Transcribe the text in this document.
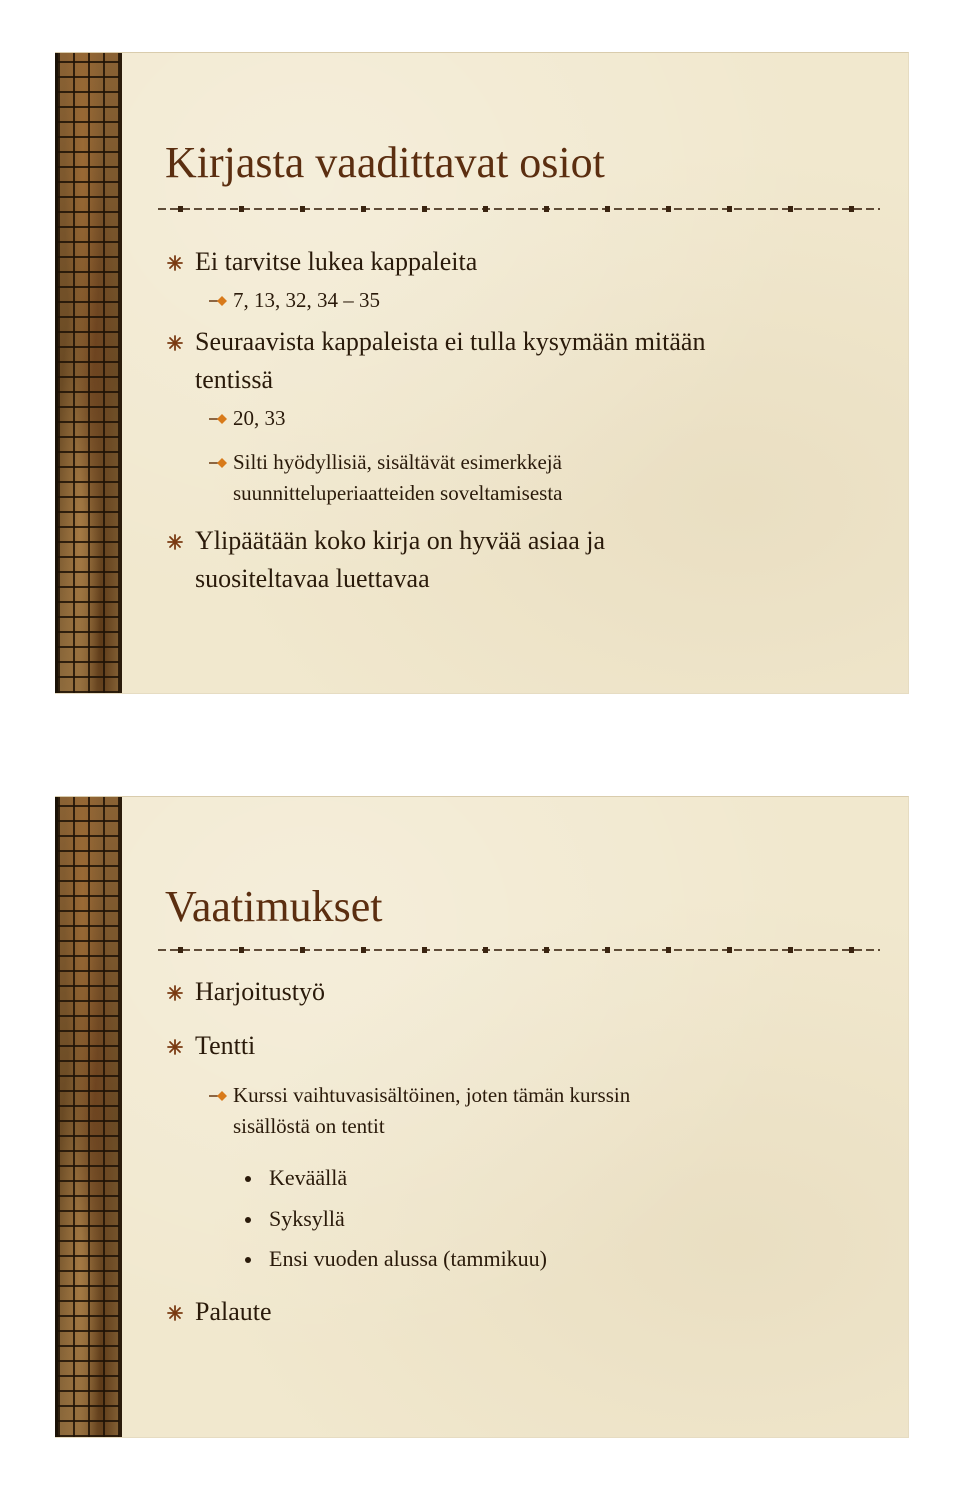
Kirjasta vaadittavat osiot
Ei tarvitse lukea kappaleita
7, 13, 32, 34 – 35
Seuraavista kappaleista ei tulla kysymään mitään
tentissä
20, 33
Silti hyödyllisiä, sisältävät esimerkkejä
suunnitteluperiaatteiden soveltamisesta
Ylipäätään koko kirja on hyvää asiaa ja
suositeltavaa luettavaa
Vaatimukset
Harjoitustyö
Tentti
Kurssi vaihtuvasisältöinen, joten tämän kurssin
sisällöstä on tentit
Keväällä
Syksyllä
Ensi vuoden alussa (tammikuu)
Palaute
